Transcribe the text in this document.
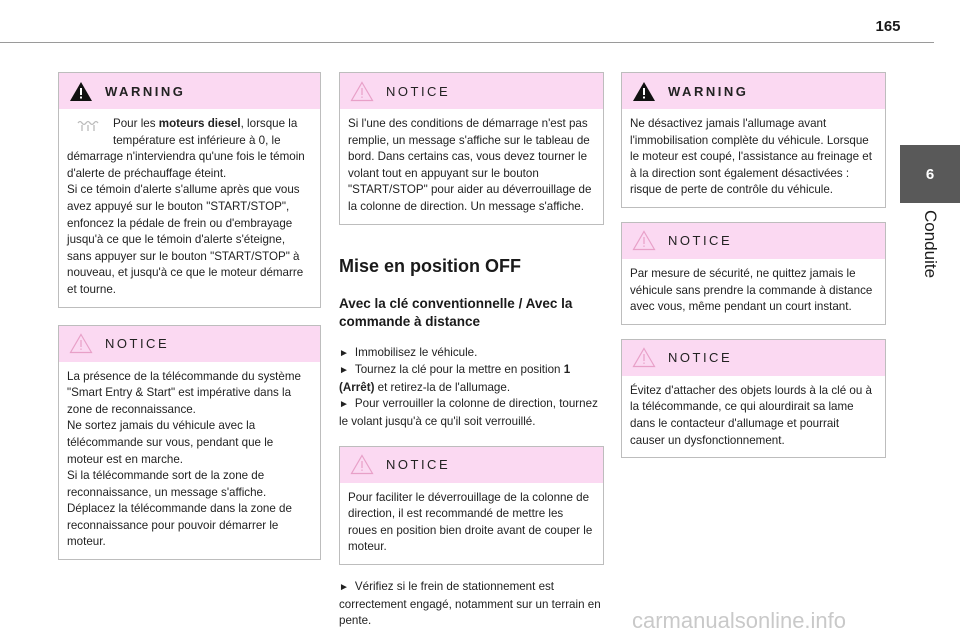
165
6
Conduite
WARNING

Pour les moteurs diesel, lorsque la température est inférieure à 0, le démarrage n'interviendra qu'une fois le témoin d'alerte de préchauffage éteint.

Si ce témoin d'alerte s'allume après que vous avez appuyé sur le bouton "START/STOP", enfoncez la pédale de frein ou d'embrayage jusqu'à ce que le témoin d'alerte s'éteigne, sans appuyer sur le bouton "START/STOP" à nouveau, et jusqu'à ce que le moteur démarre et tourne.

NOTICE

La présence de la télécommande du système "Smart Entry & Start" est impérative dans la zone de reconnaissance.

Ne sortez jamais du véhicule avec la télécommande sur vous, pendant que le moteur est en marche.

Si la télécommande sort de la zone de reconnaissance, un message s'affiche.

Déplacez la télécommande dans la zone de reconnaissance pour pouvoir démarrer le moteur.

NOTICE

Si l'une des conditions de démarrage n'est pas remplie, un message s'affiche sur le tableau de bord. Dans certains cas, vous devez tourner le volant tout en appuyant sur le bouton "START/STOP" pour aider au déverrouillage de la colonne de direction. Un message s'affiche.

Mise en position OFF
Avec la clé conventionnelle / Avec la commande à distance

► Immobilisez le véhicule.

► Tournez la clé pour la mettre en position 1 (Arrêt) et retirez-la de l'allumage.

► Pour verrouiller la colonne de direction, tournez le volant jusqu'à ce qu'il soit verrouillé.

NOTICE

Pour faciliter le déverrouillage de la colonne de direction, il est recommandé de mettre les roues en position bien droite avant de couper le moteur.

► Vérifiez si le frein de stationnement est correctement engagé, notamment sur un terrain en pente.

WARNING

Ne désactivez jamais l'allumage avant l'immobilisation complète du véhicule. Lorsque le moteur est coupé, l'assistance au freinage et à la direction sont également désactivées : risque de perte de contrôle du véhicule.

NOTICE

Par mesure de sécurité, ne quittez jamais le véhicule sans prendre la commande à distance avec vous, même pendant un court instant.

NOTICE

Évitez d'attacher des objets lourds à la clé ou à la télécommande, ce qui alourdirait sa lame dans le contacteur d'allumage et pourrait causer un dysfonctionnement.

carmanualsonline.info
